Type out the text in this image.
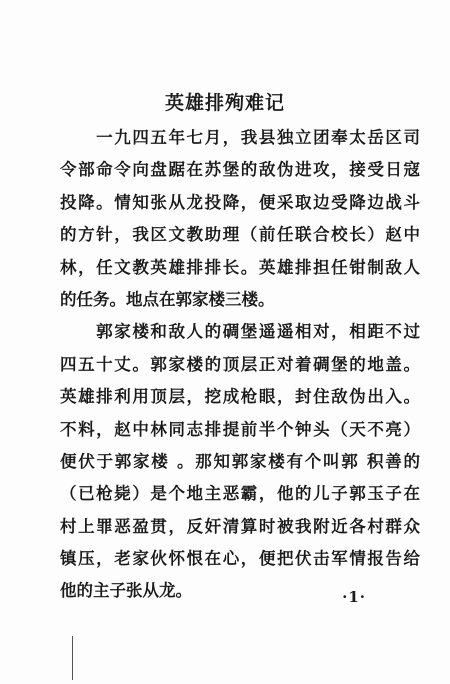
英雄排殉难记
　　一九四五年七月，我县独立团奉太岳区司
令部命令向盘踞在苏堡的敌伪进攻，接受日寇
投降。情知张从龙投降，便采取边受降边战斗
的方针，我区文教助理（前任联合校长）赵中
林，任文教英雄排排长。英雄排担任钳制敌人
的任务。地点在郭家楼三楼。
　　郭家楼和敌人的碉堡遥遥相对，相距不过
四五十丈。郭家楼的顶层正对着碉堡的地盖。
英雄排利用顶层，挖成枪眼，封住敌伪出入。
不料，赵中林同志排提前半个钟头（天不亮）
便伏于郭家楼 。那知郭家楼有个叫郭 积善的
（已枪毙）是个地主恶霸，他的儿子郭玉子在
村上罪恶盈贯，反奸清算时被我附近各村群众
镇压，老家伙怀恨在心，便把伏击军情报告给
他的主子张从龙。	·1·
